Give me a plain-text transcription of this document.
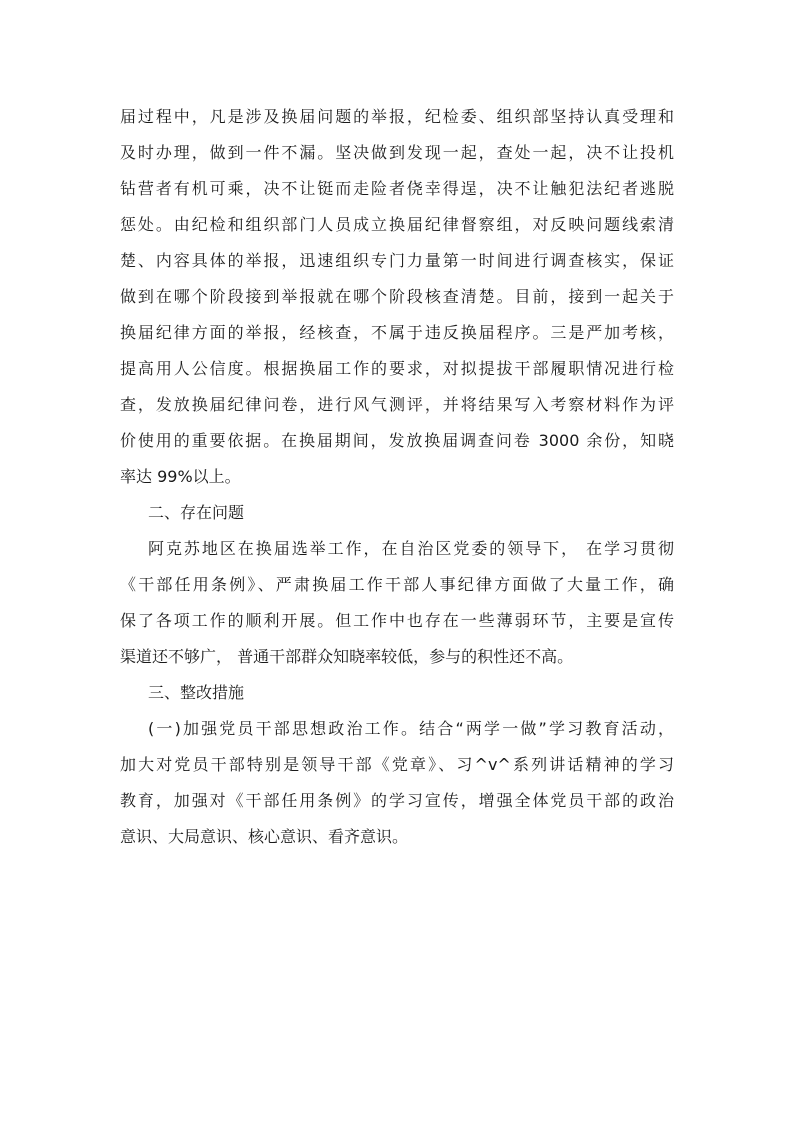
届过程中，凡是涉及换届问题的举报，纪检委、组织部坚持认真受理和
及时办理，做到一件不漏。坚决做到发现一起，查处一起，决不让投机
钻营者有机可乘，决不让铤而走险者侥幸得逞，决不让触犯法纪者逃脱
惩处。由纪检和组织部门人员成立换届纪律督察组，对反映问题线索清
楚、内容具体的举报，迅速组织专门力量第一时间进行调查核实，保证
做到在哪个阶段接到举报就在哪个阶段核查清楚。目前，接到一起关于
换届纪律方面的举报，经核查，不属于违反换届程序。三是严加考核，
提高用人公信度。根据换届工作的要求，对拟提拔干部履职情况进行检
查，发放换届纪律问卷，进行风气测评，并将结果写入考察材料作为评
价使用的重要依据。在换届期间，发放换届调查问卷 3000 余份，知晓
率达 99%以上。
二、存在问题
阿克苏地区在换届选举工作，在自治区党委的领导下， 在学习贯彻
《干部任用条例》、严肃换届工作干部人事纪律方面做了大量工作，确
保了各项工作的顺利开展。但工作中也存在一些薄弱环节，主要是宣传
渠道还不够广， 普通干部群众知晓率较低，参与的积性还不高。
三、整改措施
(一)加强党员干部思想政治工作。结合“两学一做”学习教育活动，
加大对党员干部特别是领导干部《党章》、习^v^系列讲话精神的学习
教育，加强对《干部任用条例》的学习宣传，增强全体党员干部的政治
意识、大局意识、核心意识、看齐意识。
